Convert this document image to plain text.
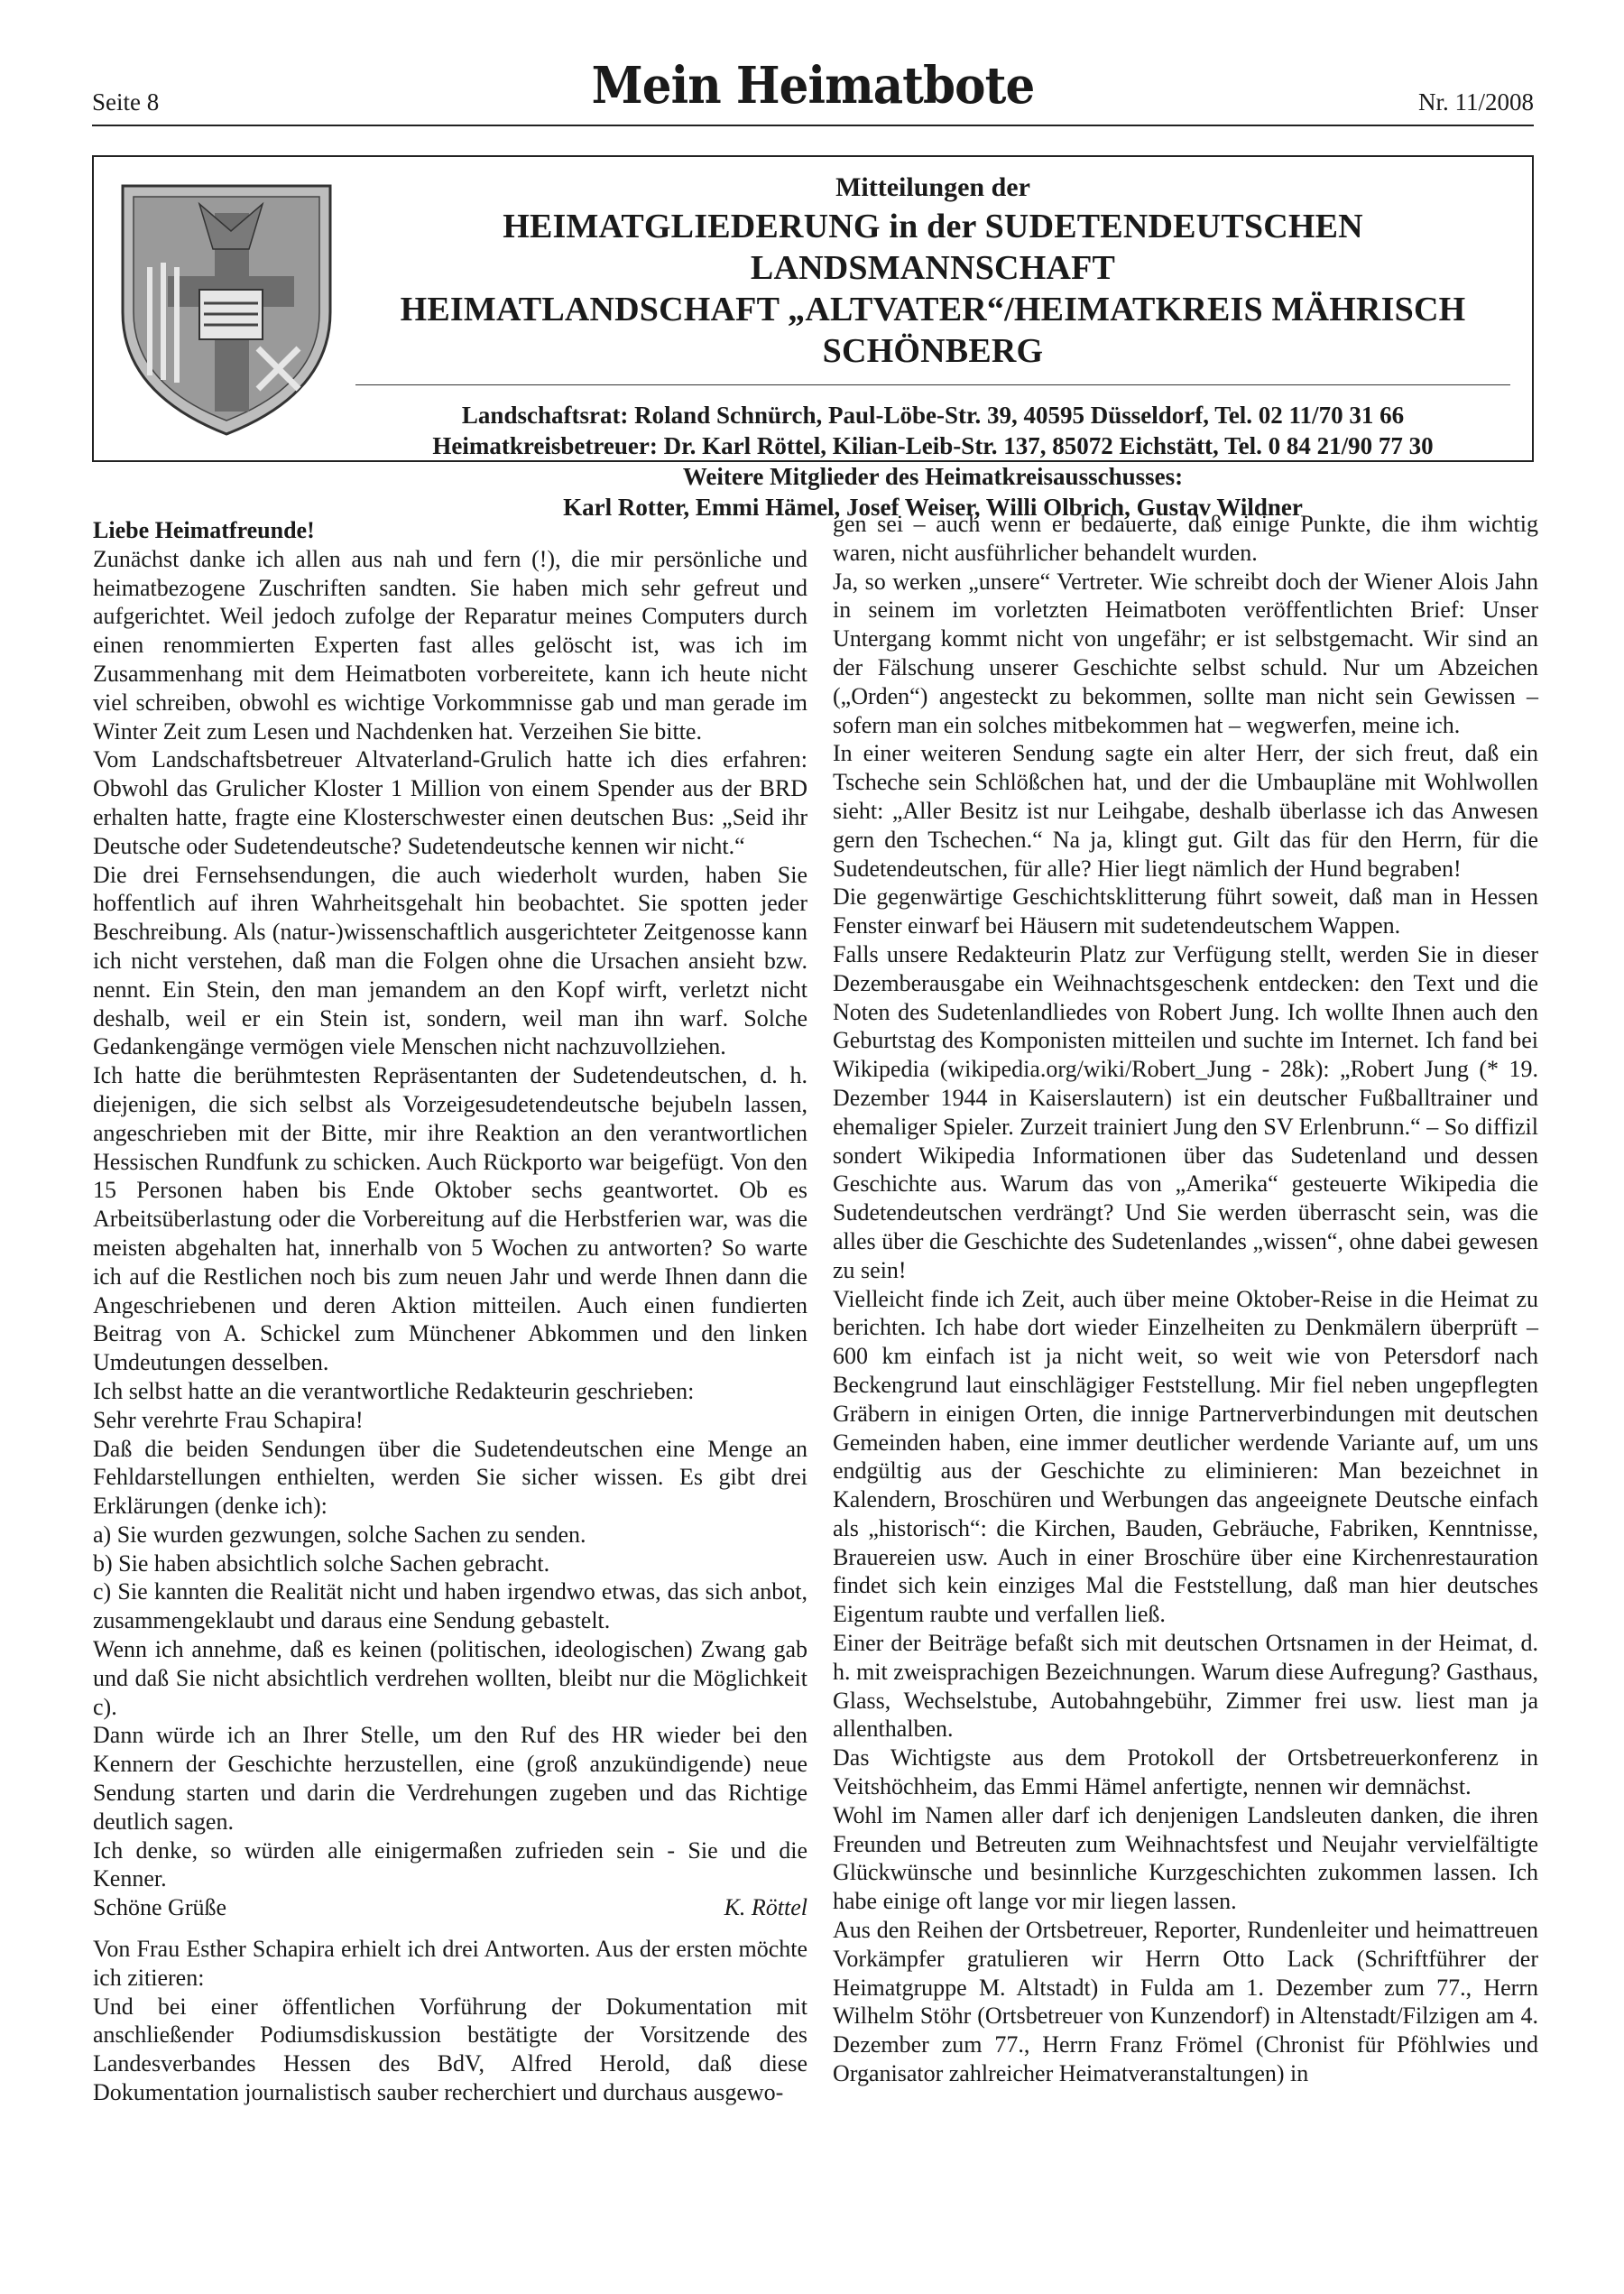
Seite 8	Mein Heimatbote	Nr. 11/2008
Mitteilungen der
HEIMATGLIEDERUNG in der SUDETENDEUTSCHEN LANDSMANNSCHAFT
HEIMATLANDSCHAFT „ALTVATER“/HEIMATKREIS MÄHRISCH SCHÖNBERG
Landschaftsrat: Roland Schnürch, Paul-Löbe-Str. 39, 40595 Düsseldorf, Tel. 02 11/70 31 66
Heimatkreisbetreuer: Dr. Karl Röttel, Kilian-Leib-Str. 137, 85072 Eichstätt, Tel. 0 84 21/90 77 30
Weitere Mitglieder des Heimatkreisausschusses:
Karl Rotter, Emmi Hämel, Josef Weiser, Willi Olbrich, Gustav Wildner

Liebe Heimatfreunde!

Zunächst danke ich allen aus nah und fern (!), die mir persönliche und heimatbezogene Zuschriften sandten. Sie haben mich sehr gefreut und aufgerichtet. Weil jedoch zufolge der Reparatur meines Computers durch einen renommierten Experten fast alles gelöscht ist, was ich im Zusammenhang mit dem Heimatboten vorbereitete, kann ich heute nicht viel schreiben, obwohl es wichtige Vorkommnisse gab und man gerade im Winter Zeit zum Lesen und Nachdenken hat. Verzeihen Sie bitte.

Vom Landschaftsbetreuer Altvaterland-Grulich hatte ich dies erfahren: Obwohl das Grulicher Kloster 1 Million von einem Spender aus der BRD erhalten hatte, fragte eine Klosterschwester einen deutschen Bus: „Seid ihr Deutsche oder Sudetendeutsche? Sudetendeutsche kennen wir nicht.“

Die drei Fernsehsendungen, die auch wiederholt wurden, haben Sie hoffentlich auf ihren Wahrheitsgehalt hin beobachtet. Sie spotten jeder Beschreibung. Als (natur-)wissenschaftlich ausgerichteter Zeitgenosse kann ich nicht verstehen, daß man die Folgen ohne die Ursachen ansieht bzw. nennt. Ein Stein, den man jemandem an den Kopf wirft, verletzt nicht deshalb, weil er ein Stein ist, sondern, weil man ihn warf. Solche Gedankengänge vermögen viele Menschen nicht nachzuvollziehen.

Ich hatte die berühmtesten Repräsentanten der Sudetendeutschen, d. h. diejenigen, die sich selbst als Vorzeigesudetendeutsche bejubeln lassen, angeschrieben mit der Bitte, mir ihre Reaktion an den verantwortlichen Hessischen Rundfunk zu schicken. Auch Rückporto war beigefügt. Von den 15 Personen haben bis Ende Oktober sechs geantwortet. Ob es Arbeitsüberlastung oder die Vorbereitung auf die Herbstferien war, was die meisten abgehalten hat, innerhalb von 5 Wochen zu antworten? So warte ich auf die Restlichen noch bis zum neuen Jahr und werde Ihnen dann die Angeschriebenen und deren Aktion mitteilen. Auch einen fundierten Beitrag von A. Schickel zum Münchener Abkommen und den linken Umdeutungen desselben.

Ich selbst hatte an die verantwortliche Redakteurin geschrieben:

Sehr verehrte Frau Schapira!

Daß die beiden Sendungen über die Sudetendeutschen eine Menge an Fehldarstellungen enthielten, werden Sie sicher wissen. Es gibt drei Erklärungen (denke ich):

a) Sie wurden gezwungen, solche Sachen zu senden.

b) Sie haben absichtlich solche Sachen gebracht.

c) Sie kannten die Realität nicht und haben irgendwo etwas, das sich anbot, zusammengeklaubt und daraus eine Sendung gebastelt.

Wenn ich annehme, daß es keinen (politischen, ideologischen) Zwang gab und daß Sie nicht absichtlich verdrehen wollten, bleibt nur die Möglichkeit c).

Dann würde ich an Ihrer Stelle, um den Ruf des HR wieder bei den Kennern der Geschichte herzustellen, eine (groß anzukündigende) neue Sendung starten und darin die Verdrehungen zugeben und das Richtige deutlich sagen.

Ich denke, so würden alle einigermaßen zufrieden sein - Sie und die Kenner.

Schöne Grüße	K. Röttel

Von Frau Esther Schapira erhielt ich drei Antworten. Aus der ersten möchte ich zitieren:

Und bei einer öffentlichen Vorführung der Dokumentation mit anschließender Podiumsdiskussion bestätigte der Vorsitzende des Landesverbandes Hessen des BdV, Alfred Herold, daß diese Dokumentation journalistisch sauber recherchiert und durchaus ausgewo-

gen sei – auch wenn er bedauerte, daß einige Punkte, die ihm wichtig waren, nicht ausführlicher behandelt wurden.

Ja, so werken „unsere“ Vertreter. Wie schreibt doch der Wiener Alois Jahn in seinem im vorletzten Heimatboten veröffentlichten Brief: Unser Untergang kommt nicht von ungefähr; er ist selbstgemacht. Wir sind an der Fälschung unserer Geschichte selbst schuld. Nur um Abzeichen („Orden“) angesteckt zu bekommen, sollte man nicht sein Gewissen – sofern man ein solches mitbekommen hat – wegwerfen, meine ich.

In einer weiteren Sendung sagte ein alter Herr, der sich freut, daß ein Tscheche sein Schlößchen hat, und der die Umbaupläne mit Wohlwollen sieht: „Aller Besitz ist nur Leihgabe, deshalb überlasse ich das Anwesen gern den Tschechen.“ Na ja, klingt gut. Gilt das für den Herrn, für die Sudetendeutschen, für alle? Hier liegt nämlich der Hund begraben!

Die gegenwärtige Geschichtsklitterung führt soweit, daß man in Hessen Fenster einwarf bei Häusern mit sudetendeutschem Wappen.

Falls unsere Redakteurin Platz zur Verfügung stellt, werden Sie in dieser Dezemberausgabe ein Weihnachtsgeschenk entdecken: den Text und die Noten des Sudetenlandliedes von Robert Jung. Ich wollte Ihnen auch den Geburtstag des Komponisten mitteilen und suchte im Internet. Ich fand bei Wikipedia (wikipedia.org/wiki/Robert_Jung - 28k): „Robert Jung (* 19. Dezember 1944 in Kaiserslautern) ist ein deutscher Fußballtrainer und ehemaliger Spieler. Zurzeit trainiert Jung den SV Erlenbrunn.“ – So diffizil sondert Wikipedia Informationen über das Sudetenland und dessen Geschichte aus. Warum das von „Amerika“ gesteuerte Wikipedia die Sudetendeutschen verdrängt? Und Sie werden überrascht sein, was die alles über die Geschichte des Sudetenlandes „wissen“, ohne dabei gewesen zu sein!

Vielleicht finde ich Zeit, auch über meine Oktober-Reise in die Heimat zu berichten. Ich habe dort wieder Einzelheiten zu Denkmälern überprüft – 600 km einfach ist ja nicht weit, so weit wie von Petersdorf nach Beckengrund laut einschlägiger Feststellung. Mir fiel neben ungepflegten Gräbern in einigen Orten, die innige Partnerverbindungen mit deutschen Gemeinden haben, eine immer deutlicher werdende Variante auf, um uns endgültig aus der Geschichte zu eliminieren: Man bezeichnet in Kalendern, Broschüren und Werbungen das angeeignete Deutsche einfach als „historisch“: die Kirchen, Bauden, Gebräuche, Fabriken, Kenntnisse, Brauereien usw. Auch in einer Broschüre über eine Kirchenrestauration findet sich kein einziges Mal die Feststellung, daß man hier deutsches Eigentum raubte und verfallen ließ.

Einer der Beiträge befaßt sich mit deutschen Ortsnamen in der Heimat, d. h. mit zweisprachigen Bezeichnungen. Warum diese Aufregung? Gasthaus, Glass, Wechselstube, Autobahngebühr, Zimmer frei usw. liest man ja allenthalben.

Das Wichtigste aus dem Protokoll der Ortsbetreuerkonferenz in Veitshöchheim, das Emmi Hämel anfertigte, nennen wir demnächst.

Wohl im Namen aller darf ich denjenigen Landsleuten danken, die ihren Freunden und Betreuten zum Weihnachtsfest und Neujahr vervielfältigte Glückwünsche und besinnliche Kurzgeschichten zukommen lassen. Ich habe einige oft lange vor mir liegen lassen.

Aus den Reihen der Ortsbetreuer, Reporter, Rundenleiter und heimattreuen Vorkämpfer gratulieren wir Herrn Otto Lack (Schriftführer der Heimatgruppe M. Altstadt) in Fulda am 1. Dezember zum 77., Herrn Wilhelm Stöhr (Ortsbetreuer von Kunzendorf) in Altenstadt/Filzigen am 4. Dezember zum 77., Herrn Franz Frömel (Chronist für Pföhlwies und Organisator zahlreicher Heimatveranstaltungen) in
